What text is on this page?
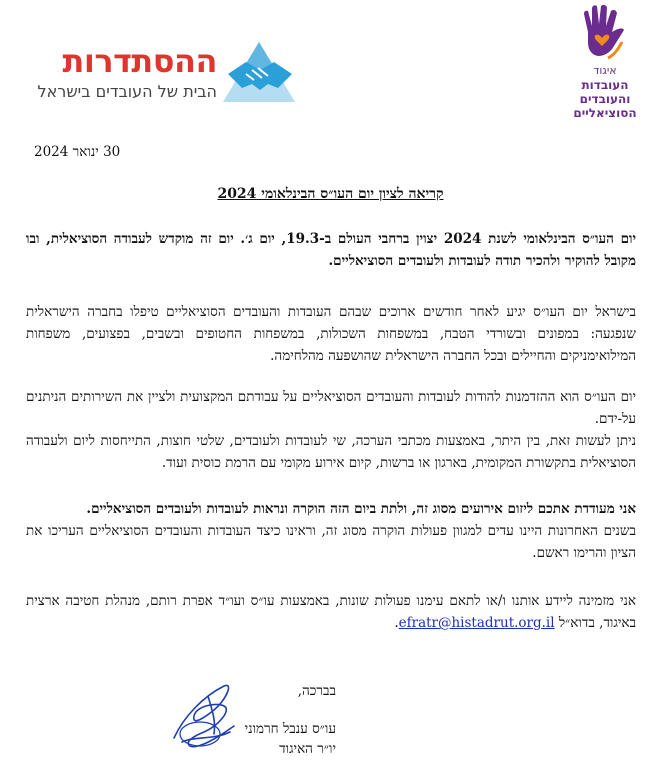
ההסתדרות
הבית של העובדים בישראל
איגוד
העובדות
והעובדים
הסוציאליים
30 ינואר 2024
קריאה לציון יום העו״ס הבינלאומי 2024
יום העו״ס הבינלאומי לשנת 2024 יצוין ברחבי העולם ב-19.3, יום ג׳. יום זה מוקדש לעבודה הסוציאלית, ובו מקובל להוקיר ולהכיר תודה לעובדות ולעובדים הסוציאליים.
בישראל יום העו״ס יגיע לאחר חודשים ארוכים שבהם העובדות והעובדים הסוציאליים טיפלו בחברה הישראלית שנפגעה: במפונים ובשורדי הטבח, במשפחות השכולות, במשפחות החטופים ובשבים, בפצועים, משפחות המילואימניקים והחיילים ובכל החברה הישראלית שהושפעה מהלחימה.
יום העו״ס הוא ההזדמנות להודות לעובדות והעובדים הסוציאליים על עבודתם המקצועית ולציין את השירותים הניתנים על-ידם.
ניתן לעשות זאת, בין היתר, באמצעות מכתבי הערכה, שי לעובדות ולעובדים, שלטי חוצות, התייחסות ליום ולעבודה הסוציאלית בתקשורת המקומית, בארגון או ברשות, קיום אירוע מקומי עם הרמת כוסית ועוד.
אני מעודדת אתכם ליזום אירועים מסוג זה, ולתת ביום הזה הוקרה ונראות לעובדות ולעובדים הסוציאליים.
בשנים האחרונות היינו עדים למגוון פעולות הוקרה מסוג זה, וראינו כיצד העובדות והעובדים הסוציאליים העריכו את הציון והרימו ראשם.
אני מזמינה ליידע אותנו ו/או לתאם עימנו פעולות שונות, באמצעות עו״ס ועו״ד אפרת רותם, מנהלת חטיבה ארצית באיגוד, בדוא״ל efratr@histadrut.org.il.
בברכה,
עו״ס ענבל חרמוני
יו״ר האיגוד
